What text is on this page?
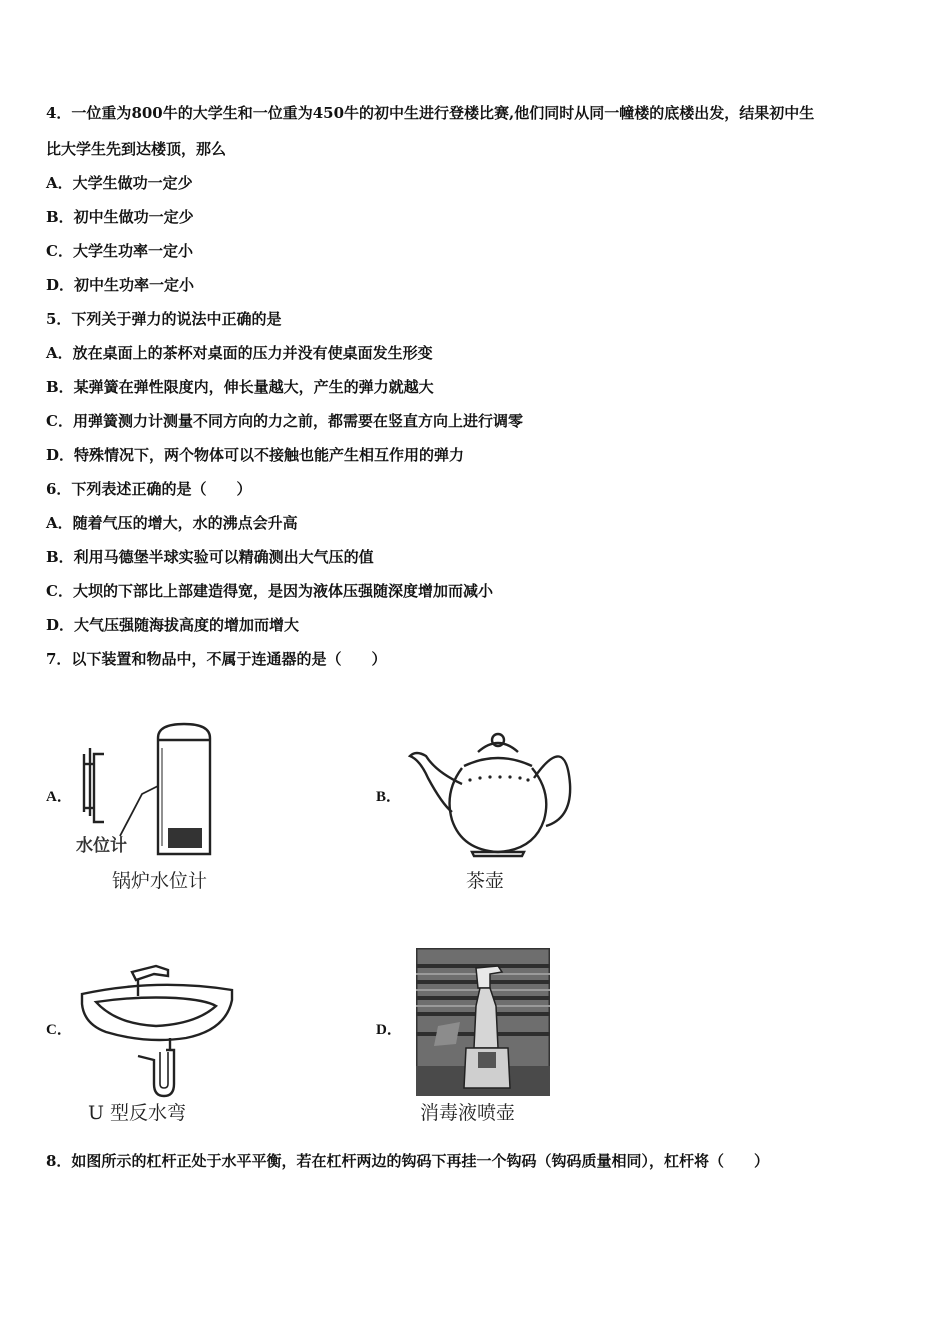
4．一位重为800牛的大学生和一位重为450牛的初中生进行登楼比赛,他们同时从同一幢楼的底楼出发，结果初中生
比大学生先到达楼顶，那么
A．大学生做功一定少
B．初中生做功一定少
C．大学生功率一定小
D．初中生功率一定小
5．下列关于弹力的说法中正确的是
A．放在桌面上的茶杯对桌面的压力并没有使桌面发生形变
B．某弹簧在弹性限度内，伸长量越大，产生的弹力就越大
C．用弹簧测力计测量不同方向的力之前，都需要在竖直方向上进行调零
D．特殊情况下，两个物体可以不接触也能产生相互作用的弹力
6．下列表述正确的是（　　）
A．随着气压的增大，水的沸点会升高
B．利用马德堡半球实验可以精确测出大气压的值
C．大坝的下部比上部建造得宽，是因为液体压强随深度增加而减小
D．大气压强随海拔高度的增加而增大
7．以下装置和物品中，不属于连通器的是（　　）
A．
水位计
锅炉水位计
B．
茶壶
C．
U 型反水弯
D．
消毒液喷壶
8．如图所示的杠杆正处于水平平衡，若在杠杆两边的钩码下再挂一个钩码（钩码质量相同），杠杆将（　　）
